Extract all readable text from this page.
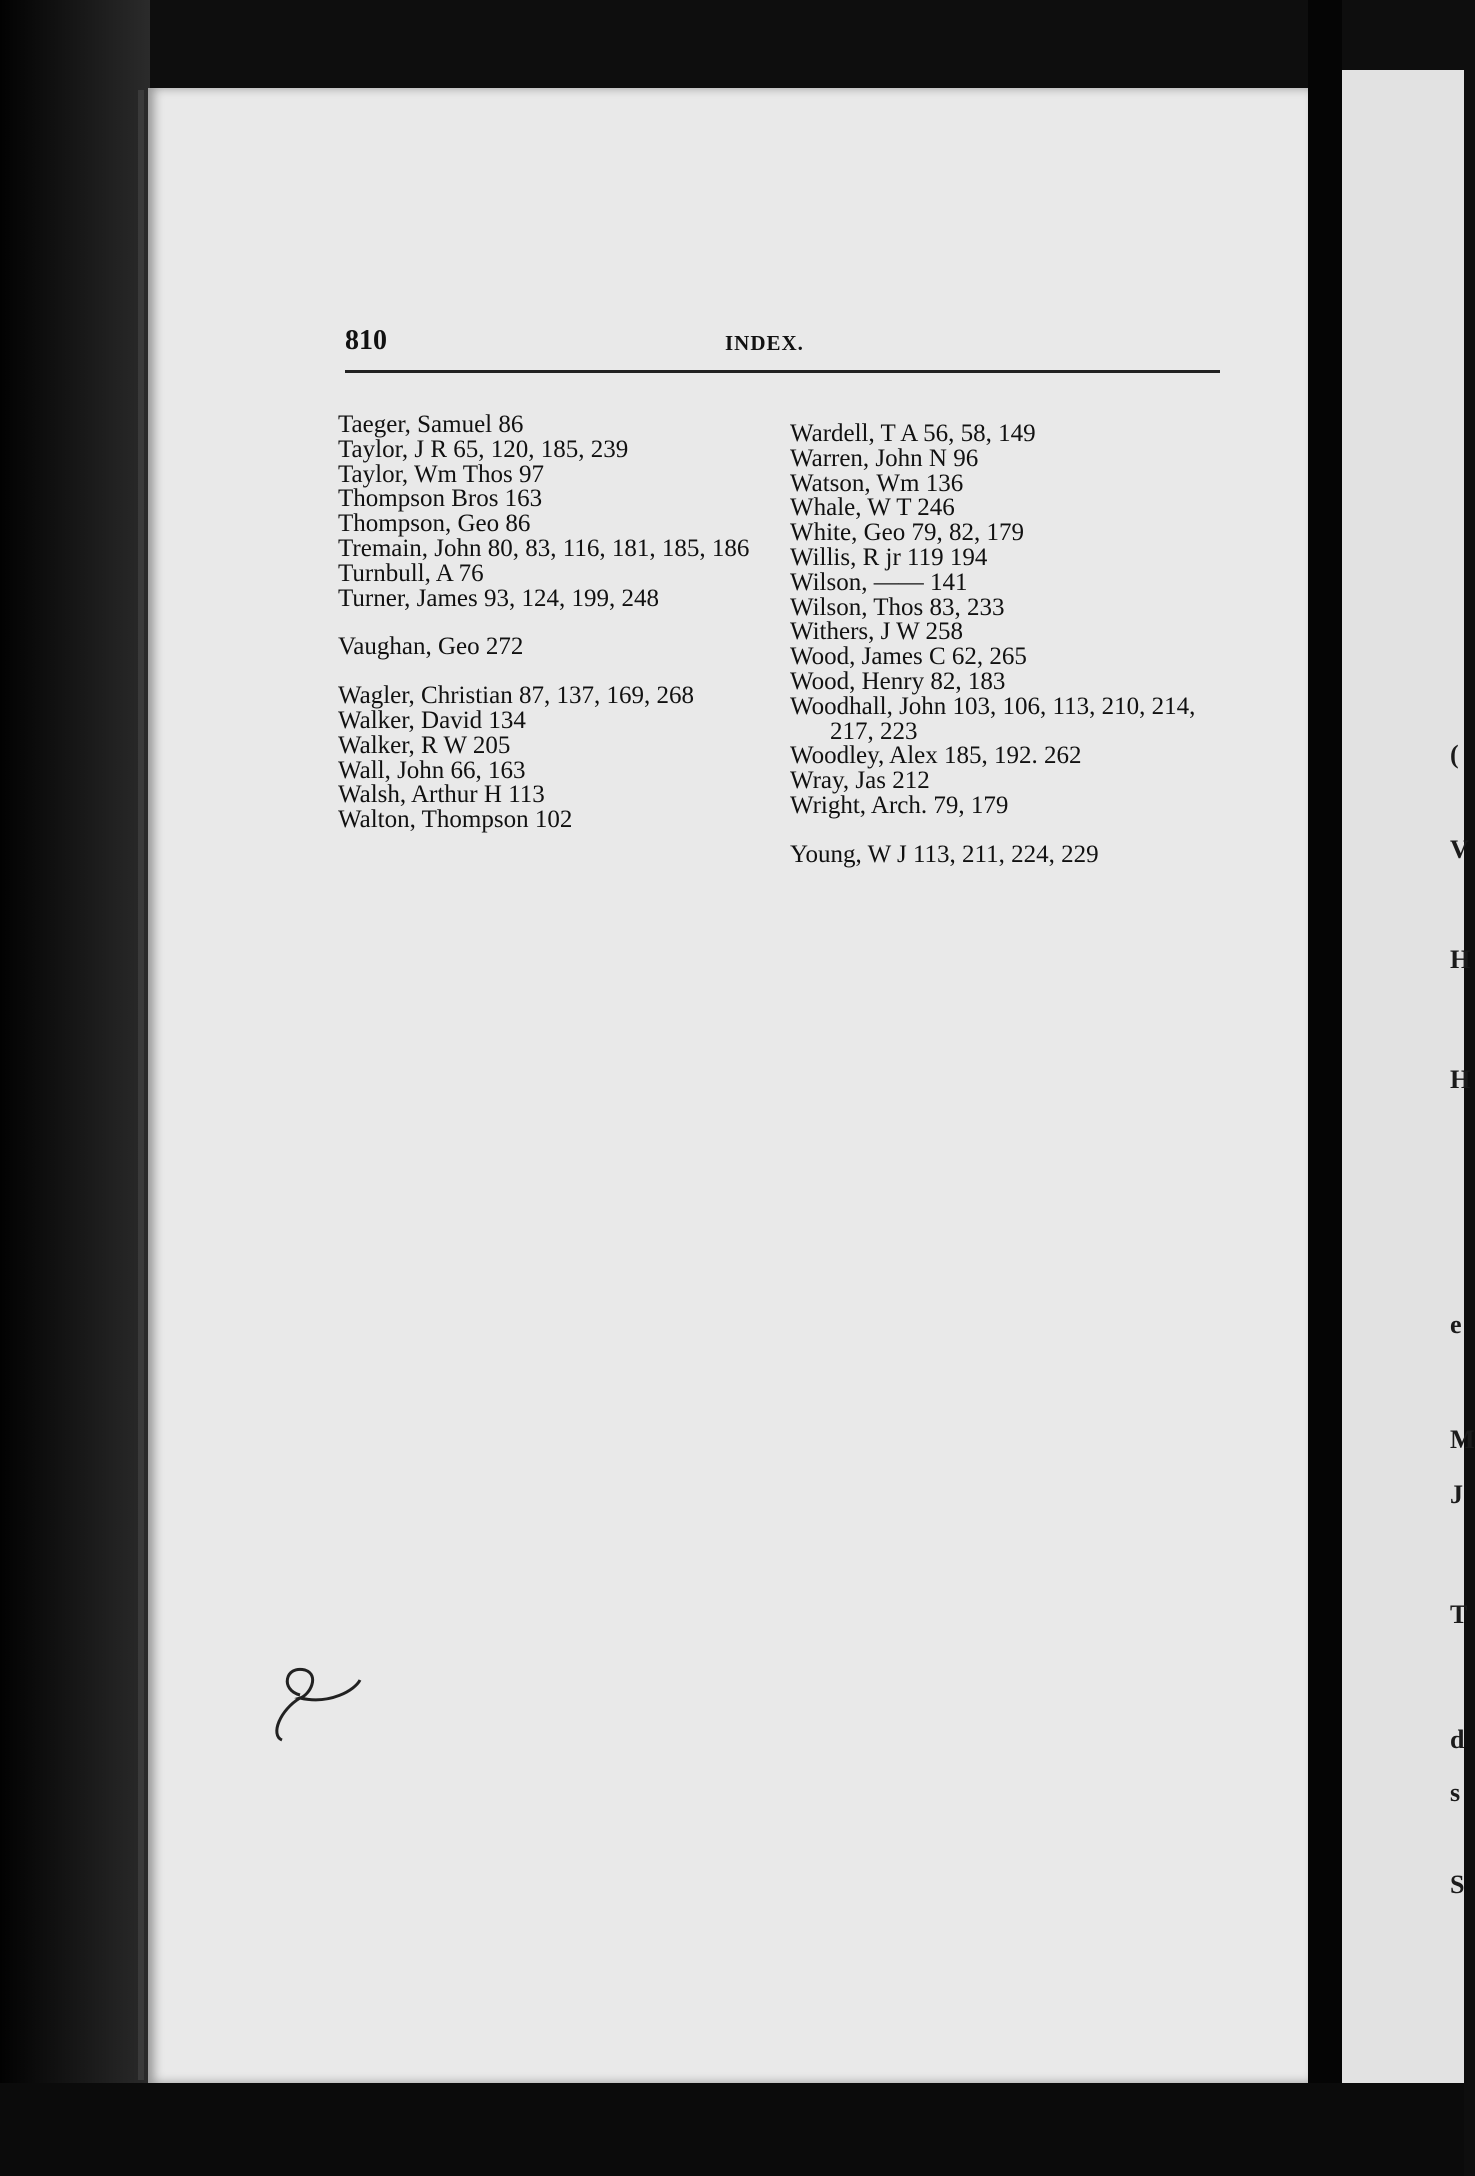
(
V
H
H
e
M
J
T
d
s
S
810	INDEX.
Taeger, Samuel 86
Taylor, J R 65, 120, 185, 239
Taylor, Wm Thos 97
Thompson Bros 163
Thompson, Geo 86
Tremain, John 80, 83, 116, 181, 185, 186
Turnbull, A 76
Turner, James 93, 124, 199, 248
Vaughan, Geo 272
Wagler, Christian 87, 137, 169, 268
Walker, David 134
Walker, R W 205
Wall, John 66, 163
Walsh, Arthur H 113
Walton, Thompson 102
Wardell, T A 56, 58, 149
Warren, John N 96
Watson, Wm 136
Whale, W T 246
White, Geo 79, 82, 179
Willis, R jr 119 194
Wilson, —— 141
Wilson, Thos 83, 233
Withers, J W 258
Wood, James C 62, 265
Wood, Henry 82, 183
Woodhall, John 103, 106, 113, 210, 214, 217, 223
Woodley, Alex 185, 192. 262
Wray, Jas 212
Wright, Arch. 79, 179
Young, W J 113, 211, 224, 229
